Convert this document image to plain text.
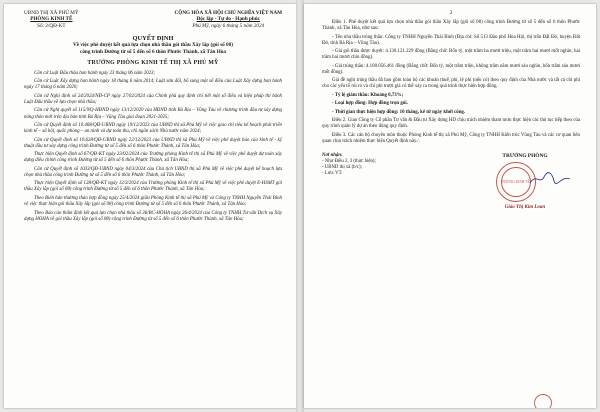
UBND THỊ XÃ PHÚ MỸ
PHÒNG KINH TẾ
Số: 2/QĐ-KT
CỘNG HÒA XÃ HỘI CHỦ NGHĨA VIỆT NAM
Độc lập - Tự do - Hạnh phúc
Phú Mỹ, ngày 6 tháng 5 năm 2024
QUYẾT ĐỊNH
Về việc phê duyệt kết quả lựa chọn nhà thầu gói thầu Xây lắp (gói số 08)
công trình Đường từ số 5 đến số 6 thôn Phước Thành, xã Tân Hòa
TRƯỞNG PHÒNG KINH TẾ THỊ XÃ PHÚ MỸ

Căn cứ Luật Đấu thầu ban hành ngày 23 tháng 06 năm 2023;

Căn cứ Luật Xây dựng ban hành ngày 18 tháng 6 năm 2014; Luật sửa đổi, bổ sung một số điều của Luật Xây dựng ban hành ngày 17 tháng 6 năm 2020;

Căn cứ Nghị định số 24/2024/NĐ-CP ngày 27/02/2024 của Chính phủ quy định chi tiết một số điều và biện pháp thi hành Luật Đấu thầu về lựa chọn nhà thầu;

Căn cứ Nghị quyết số 115/NQ-HĐND ngày 13/12/2020 của HĐND tỉnh Bà Rịa – Vũng Tàu về chương trình đầu tư xây dựng nông thôn mới trên địa bàn tỉnh Bà Rịa – Vũng Tàu giai đoạn 2021-2025;

Căn cứ Quyết định số 10.468/QĐ-UBND ngày 19/12/2023 của UBND thị xã Phú Mỹ về việc giao chỉ tiêu kế hoạch phát triển kinh tế – xã hội, quốc phòng – an ninh và dự toán thu, chi ngân sách Nhà nước năm 2024;

Căn cứ Quyết định số 10.628/QĐ-UBND ngày 22/12/2023 của UBND thị xã Phú Mỹ về việc phê duyệt báo cáo kinh tế - kỹ thuật đầu tư xây dựng công trình Đường từ số 5 đến số 6 thôn Phước Thành, xã Tân Hòa;

Thực hiện Quyết định số 67/QĐ-KT ngày 23/02/2024 của Trưởng phòng Kinh tế thị xã Phú Mỹ về việc phê duyệt dự toán xây dựng điều chỉnh công trình Đường từ số 5 đến số 6 thôn Phước Thành, xã Tân Hòa;

Căn cứ Quyết định số 1033/QĐ-UBND ngày 04/3/2024 của Chủ tịch UBND thị xã Phú Mỹ về việc phê duyệt kế hoạch lựa chọn nhà thầu công trình Đường từ số 5 đến số 6 thôn Phước Thành, xã Tân Hòa;

Thực hiện Quyết định số 128/QĐ-KT ngày 12/3/2024 của Trưởng phòng Kinh tế thị xã Phú Mỹ về việc phê duyệt E-HSMT gói thầu Xây lắp (gói số 08) công trình Đường từ số 5 đến số 6 thôn Phước Thành, xã Tân Hòa;

Theo Biên bản thương thảo hợp đồng ngày 25/4/2024 giữa Phòng Kinh tế thị xã Phú Mỹ và Công ty TNHH Nguyễn Thái Bình về việc thực hiện gói thầu Xây lắp (gói số 08) công trình Đường từ số 5 đến số 6 thôn Phước Thành, xã Tân Hòa;

Theo Báo cáo thẩm định kết quả lựa chọn nhà thầu số 36/BC-HOHA ngày 26/4/2024 của Công ty TNHH Tư vấn Dịch vụ Xây dựng HOHA về gói thầu Xây lắp (gói số 08) công trình Đường từ số 5 đến số 6 thôn Phước Thành, xã Tân Hòa;

2

Điều 1. Phê duyệt kết quả lựa chọn nhà thầu gói thầu Xây lắp (gói số 08) công trình Đường từ số 5 đến số 6 thôn Phước Thành, xã Tân Hòa, như sau:

- Tên nhà thầu trúng thầu: Công ty TNHH Nguyễn Thái Bình (Địa chỉ: Số 513 Đào phố Hòa Hội, thị trấn Đất Đỏ, huyện Đất Đỏ, tỉnh Bà Rịa – Vũng Tàu).

- Giá gói thầu được duyệt: 4.130.121.229 đồng (Bằng chữ: Bốn tỷ, một trăm ba mươi triệu, một trăm hai mươi mốt nghìn, hai trăm hai mươi chín đồng).

- Giá trúng thầu: 4.100.056.461 đồng (Bằng chữ: Bốn tỷ, một trăm triệu, không trăm năm mươi sáu nghìn, bốn trăm sáu mươi mốt đồng).

Giá đề nghị trúng thầu đã bao gồm toàn bộ các khoản thuế, phí, lệ phí (nếu có) theo quy định của Nhà nước và tất cả chi phí cho các yếu tố rủi ro và chi phí trượt giá có thể xảy ra trong quá trình thực hiện hợp đồng.

- Tỷ lệ giảm thầu: Khoảng 0,73%;

- Loại hợp đồng: Hợp đồng trọn gói.

- Thời gian thực hiện hợp đồng: 10 tháng, kể từ ngày khởi công.

Điều 2. Giao Công ty Cổ phần Tư vấn & Đầu tư Xây dựng HD chịu trách nhiệm tham mưu thực hiện các thủ tục tiếp theo của quy trình quản lý dự án theo đúng quy định.

Điều 3. Các cán bộ chuyên môn thuộc Phòng Kinh tế thị xã Phú Mỹ, Công ty TNHH Kiến trúc Vũng Tàu và các cơ quan liên quan chịu trách nhiệm thực hiện Quyết định này./.

Nơi nhận:
- Như Điều 2, 3 (thực hiện);
- UBND thị xã (b/c);
- Lưu: VT.
TRƯỞNG PHÒNG
PHÒNG KINH TẾ
Giáo Thị Kim Loan
